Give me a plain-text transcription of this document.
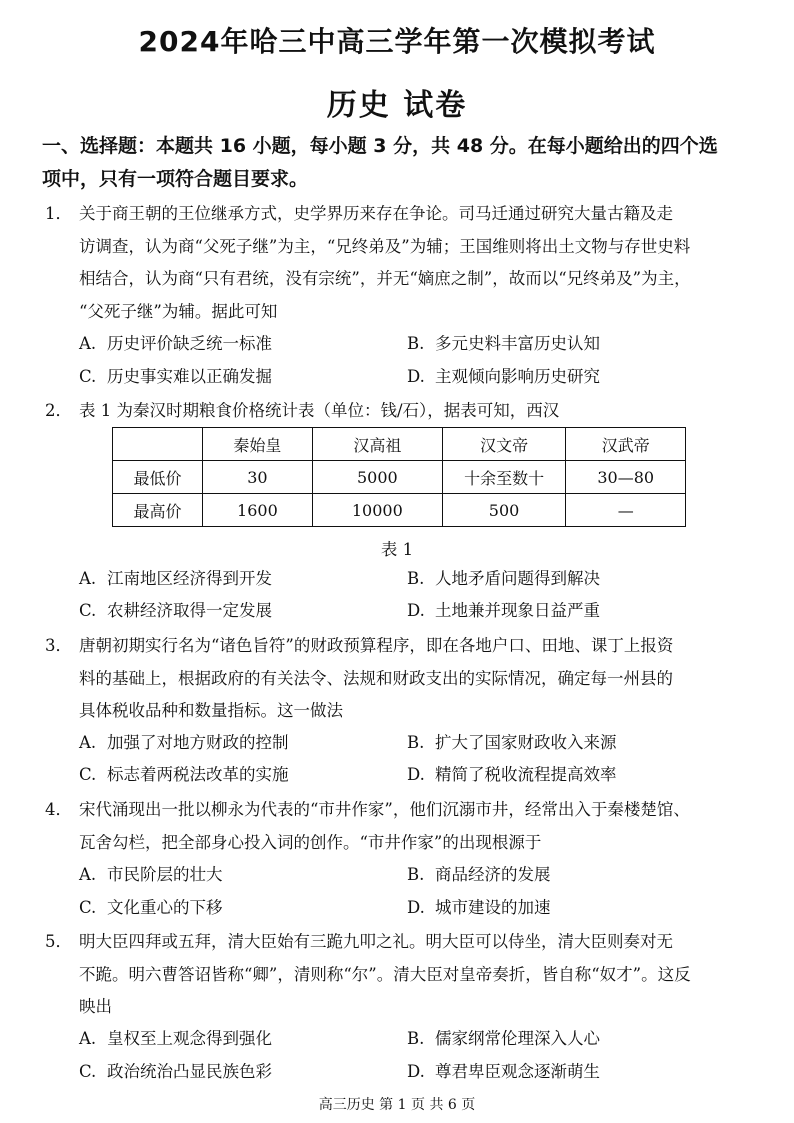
2024年哈三中高三学年第一次模拟考试
历史 试卷
一、选择题：本题共 16 小题，每小题 3 分，共 48 分。在每小题给出的四个选
项中，只有一项符合题目要求。
1． 关于商王朝的王位继承方式，史学界历来存在争论。司马迁通过研究大量古籍及走
访调查，认为商“父死子继”为主，“兄终弟及”为辅；王国维则将出土文物与存世史料
相结合，认为商“只有君统，没有宗统”，并无“嫡庶之制”，故而以“兄终弟及”为主，
“父死子继”为辅。据此可知
A. 历史评价缺乏统一标准	B. 多元史料丰富历史认知
C. 历史事实难以正确发掘	D. 主观倾向影响历史研究
2． 表 1 为秦汉时期粮食价格统计表（单位：钱/石），据表可知，西汉
	秦始皇	汉高祖	汉文帝	汉武帝
最低价	30	5000	十余至数十	30—80
最高价	1600	10000	500	—
表 1
A. 江南地区经济得到开发	B. 人地矛盾问题得到解决
C. 农耕经济取得一定发展	D. 土地兼并现象日益严重
3． 唐朝初期实行名为“诸色旨符”的财政预算程序，即在各地户口、田地、课丁上报资
料的基础上，根据政府的有关法令、法规和财政支出的实际情况，确定每一州县的
具体税收品种和数量指标。这一做法
A. 加强了对地方财政的控制	B. 扩大了国家财政收入来源
C. 标志着两税法改革的实施	D. 精简了税收流程提高效率
4． 宋代涌现出一批以柳永为代表的“市井作家”，他们沉溺市井，经常出入于秦楼楚馆、
瓦舍勾栏，把全部身心投入词的创作。“市井作家”的出现根源于
A. 市民阶层的壮大	B. 商品经济的发展
C. 文化重心的下移	D. 城市建设的加速
5． 明大臣四拜或五拜，清大臣始有三跪九叩之礼。明大臣可以侍坐，清大臣则奏对无
不跪。明六曹答诏皆称“卿”，清则称“尔”。清大臣对皇帝奏折，皆自称“奴才”。这反
映出
A. 皇权至上观念得到强化	B. 儒家纲常伦理深入人心
C. 政治统治凸显民族色彩	D. 尊君卑臣观念逐渐萌生
高三历史 第 1 页 共 6 页
